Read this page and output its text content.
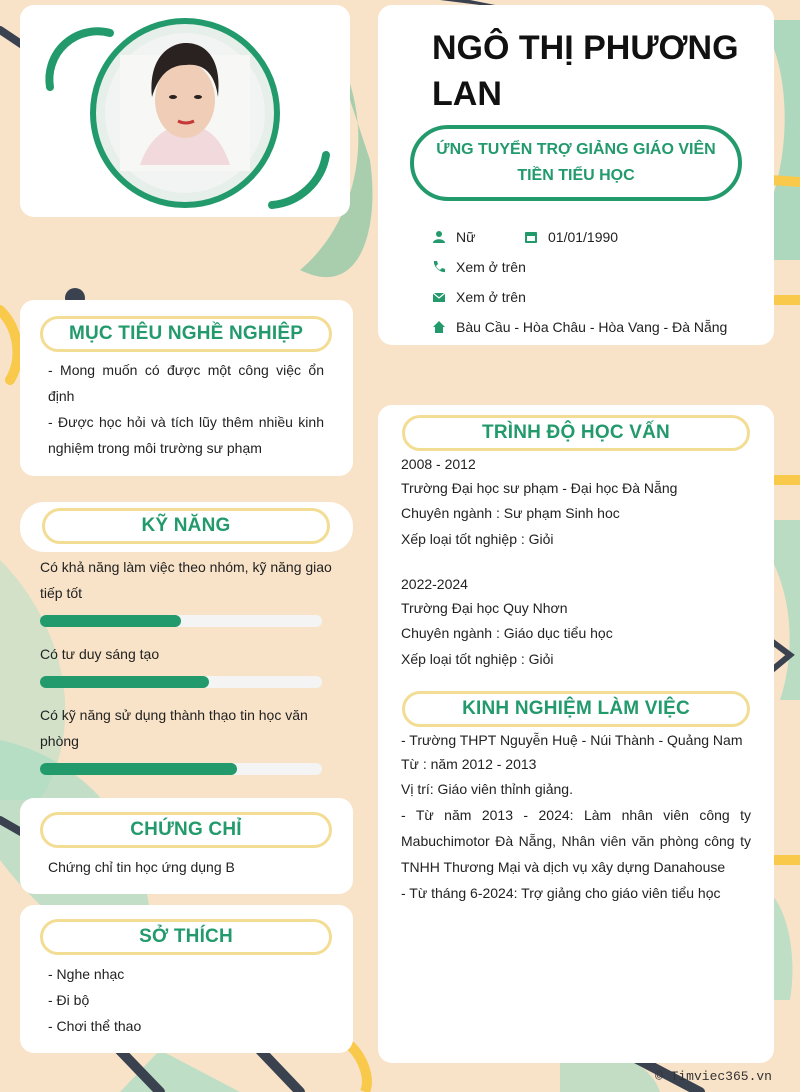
NGÔ THỊ PHƯƠNG LAN
ỨNG TUYỂN TRỢ GIẢNG GIÁO VIÊN TIỀN TIỂU HỌC
Nữ	01/01/1990
Xem ở trên
Xem ở trên
Bàu Cầu - Hòa Châu - Hòa Vang - Đà Nẵng
MỤC TIÊU NGHỀ NGHIỆP
- Mong muốn có được một công việc ổn định
- Được học hỏi và tích lũy thêm nhiều kinh nghiệm trong môi trường sư phạm
KỸ NĂNG
Có khả năng làm việc theo nhóm, kỹ năng giao tiếp tốt
Có tư duy sáng tạo
Có kỹ năng sử dụng thành thạo tin học văn phòng
CHỨNG CHỈ
Chứng chỉ tin học ứng dụng B
SỞ THÍCH
- Nghe nhạc
- Đi bộ
- Chơi thể thao
TRÌNH ĐỘ HỌC VẤN
2008 - 2012
Trường Đại học sư phạm - Đại học Đà Nẵng
Chuyên ngành : Sư phạm Sinh hoc
Xếp loại tốt nghiệp : Giỏi
2022-2024
Trường Đại học Quy Nhơn
Chuyên ngành : Giáo dục tiểu học
Xếp loại tốt nghiệp : Giỏi
KINH NGHIỆM LÀM VIỆC
- Trường THPT Nguyễn Huệ - Núi Thành - Quảng Nam
Từ : năm 2012 - 2013
Vị trí: Giáo viên thỉnh giảng.
- Từ năm 2013 - 2024: Làm nhân viên công ty Mabuchimotor Đà Nẵng, Nhân viên văn phòng công ty TNHH Thương Mại và dịch vụ xây dựng Danahouse
- Từ tháng 6-2024: Trợ giảng cho giáo viên tiểu học
© Timviec365.vn
